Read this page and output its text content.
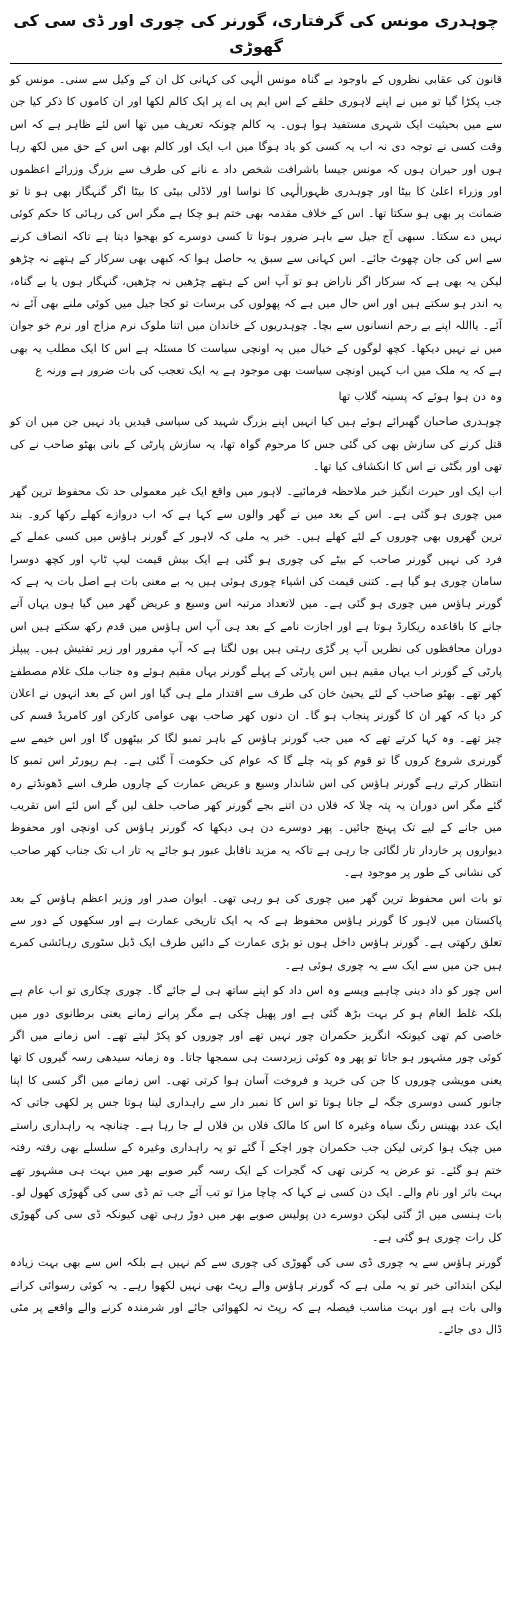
چوہدری مونس کی گرفتاری، گورنر کی چوری اور ڈی سی کی گھوڑی

قانون کی عقابی نظروں کے باوجود بے گناہ مونس الٰہی کی کہانی کل ان کے وکیل سے سنی۔ مونس کو جب پکڑا گیا تو میں نے اپنے لاہوری حلقے کے اس ایم پی اے پر ایک کالم لکھا اور ان کاموں کا ذکر کیا جن سے میں بحیثیت ایک شہری مستفید ہوا ہوں۔ یہ کالم چونکہ تعریف میں تھا اس لئے ظاہر ہے کہ اس وقت کسی نے توجہ دی نہ اب یہ کسی کو یاد ہوگا میں اب ایک اور کالم بھی اس کے حق میں لکھ رہا ہوں اور حیران ہوں کہ مونس جیسا باشرافت شخص داد ے نانے کی طرف سے بزرگ وزرائے اعظموں اور وزراء اعلیٰ کا بیٹا اور چوہدری ظہورالٰہی کا نواسا اور لاڈلی بیٹی کا بیٹا اگر گنہگار بھی ہو تا تو ضمانت پر بھی ہو سکتا تھا۔ اس کے خلاف مقدمہ بھی ختم ہو چکا ہے مگر اس کی رہائی کا حکم کوئی نہیں دے سکتا۔ سبھی آج جیل سے باہر ضرور ہوتا تا کسی دوسرے کو بھجوا دیتا ہے تاکہ انصاف کرنے سے اس کی جان چھوٹ جائے۔ اس کہانی سے سبق یہ حاصل ہوا کہ کبھی بھی سرکار کے ہتھے نہ چڑھو لیکن یہ بھی ہے کہ سرکار اگر ناراض ہو تو آپ اس کے ہتھے چڑھیں نہ چڑھیں، گنہگار ہوں یا بے گناہ، یہ اندر ہو سکتے ہیں اور اس حال میں ہے کہ پھولوں کی برسات تو کجا جیل میں کوئی ملنے بھی آئے نہ آئے۔ یااللہ اپنے بے رحم انسانوں سے بچا۔ چوہدریوں کے خاندان میں اتنا ملوک نرم مزاج اور نرم خو جوان میں نے نہیں دیکھا۔ کچھ لوگوں کے خیال میں یہ اونچی سیاست کا مسئلہ ہے اس کا ایک مطلب یہ بھی ہے کہ یہ ملک میں اب کہیں اونچی سیاست بھی موجود ہے یہ ایک تعجب کی بات ضرور ہے ورنہ ع

وہ دن ہوا ہوئے کہ پسینہ گلاب تھا

چوہدری صاحبان گھبرائے ہوئے ہیں کیا انہیں اپنے بزرگ شہید کی سیاسی قیدیں یاد نہیں جن میں ان کو قتل کرنے کی سازش بھی کی گئی جس کا مرحوم گواہ تھا، یہ سازش پارٹی کے بانی بھٹو صاحب نے کی تھی اور بگٹی نے اس کا انکشاف کیا تھا۔

اب ایک اور حیرت انگیز خبر ملاحظہ فرمائیے۔ لاہور میں واقع ایک غیر معمولی حد تک محفوظ ترین گھر میں چوری ہو گئی ہے۔ اس کے بعد میں نے گھر والوں سے کہا ہے کہ اب دروازے کھلے رکھا کرو۔ بند ترین گھروں بھی چوروں کے لئے کھلے ہیں۔ خبر یہ ملی کہ لاہور کے گورنر ہاؤس میں کسی عملے کے فرد کی نہیں گورنر صاحب کے بیٹے کی چوری ہو گئی ہے ایک بیش قیمت لیپ ٹاپ اور کچھ دوسرا سامان چوری ہو گیا ہے۔ کتنی قیمت کی اشیاء چوری ہوئی ہیں یہ بے معنی بات ہے اصل بات یہ ہے کہ گورنر ہاؤس میں چوری ہو گئی ہے۔ میں لاتعداد مرتبہ اس وسیع و عریض گھر میں گیا ہوں یہاں آنے جانے کا باقاعدہ ریکارڈ ہوتا ہے اور اجازت نامے کے بعد ہی آپ اس ہاؤس میں قدم رکھ سکتے ہیں اس دوران محافظوں کی نظریں آپ پر گڑی رہتی ہیں یوں لگتا ہے کہ آپ مفرور اور زیر تفتیش ہیں۔ پیپلز پارٹی کے گورنر اب یہاں مقیم ہیں اس پارٹی کے پہلے گورنر یہاں مقیم ہوئے وہ جناب ملک غلام مصطفےٰ کھر تھے۔ بھٹو صاحب کے لئے یحییٰ خان کی طرف سے اقتدار ملے ہی گیا اور اس کے بعد انہوں نے اعلان کر دیا کہ کھر ان کا گورنر پنجاب ہو گا۔ ان دنوں کھر صاحب بھی عوامی کارکن اور کامریڈ قسم کی چیز تھے۔ وہ کہا کرتے تھے کہ میں جب گورنر ہاؤس کے باہر تمبو لگا کر بیٹھوں گا اور اس خیمے سے گورنری شروع کروں گا تو قوم کو پتہ چلے گا کہ عوام کی حکومت آ گئی ہے۔ ہم رپورٹر اس تمبو کا انتظار کرتے رہے گورنر ہاؤس کی اس شاندار وسیع و عریض عمارت کے چاروں طرف اسے ڈھونڈتے رہ گئے مگر اس دوران یہ پتہ چلا کہ فلاں دن اتنے بجے گورنر کھر صاحب حلف لیں گے اس لئے اس تقریب میں جانے کے لیے تک پہنچ جائیں۔ پھر دوسرے دن ہی دیکھا کہ گورنر ہاؤس کی اونچی اور محفوظ دیواروں پر خاردار تار لگائی جا رہی ہے تاکہ یہ مزید ناقابل عبور ہو جائے یہ تار اب تک جناب کھر صاحب کی نشانی کے طور پر موجود ہے۔

تو بات اس محفوظ ترین گھر میں چوری کی ہو رہی تھی۔ ایوان صدر اور وزیر اعظم ہاؤس کے بعد پاکستان میں لاہور کا گورنر ہاؤس محفوظ ہے کہ یہ ایک تاریخی عمارت ہے اور سکھوں کے دور سے تعلق رکھتی ہے۔ گورنر ہاؤس داخل ہوں تو بڑی عمارت کے دائیں طرف ایک ڈبل سٹوری رہائشی کمرے ہیں جن میں سے ایک سے یہ چوری ہوئی ہے۔

اس چور کو داد دینی چاہیے ویسے وہ اس داد کو اپنے ساتھ ہی لے جائے گا۔ چوری چکاری تو اب عام ہے بلکہ غلط العام ہو کر بہت بڑھ گئی ہے اور پھیل چکی ہے مگر پرانے زمانے یعنی برطانوی دور میں خاصی کم تھی کیونکہ انگریز حکمران چور نہیں تھے اور چوروں کو پکڑ لیتے تھے۔ اس زمانے میں اگر کوئی چور مشہور ہو جاتا تو پھر وہ کوئی زبردست ہی سمجھا جاتا۔ وہ زمانہ سیدھی رسہ گیروں کا تھا یعنی مویشی چوروں کا جن کی خرید و فروخت آسان ہوا کرتی تھی۔ اس زمانے میں اگر کسی کا اپنا جانور کسی دوسری جگہ لے جانا ہوتا تو اس کا نمبر دار سے راہداری لینا ہوتا جس پر لکھی جاتی کہ ایک عدد بھینس رنگ سیاہ وغیرہ کا اس کا مالک فلاں بن فلاں لے جا رہا ہے۔ چنانچہ یہ راہداری راستے میں چیک ہوا کرتی لیکن جب حکمران چور اچکے آ گئے تو یہ راہداری وغیرہ کے سلسلے بھی رفتہ رفتہ ختم ہو گئے۔ تو عرض یہ کرنی تھی کہ گجرات کے ایک رسہ گیر صوبے بھر میں بہت ہی مشہور تھے بہت باثر اور نام والے۔ ایک دن کسی نے کہا کہ چاچا مزا تو تب آئے جب تم ڈی سی کی گھوڑی کھول لو۔ بات ہنسی میں اڑ گئی لیکن دوسرے دن پولیس صوبے بھر میں دوڑ رہی تھی کیونکہ ڈی سی کی گھوڑی کل رات چوری ہو گئی ہے۔

گورنر ہاؤس سے یہ چوری ڈی سی کی گھوڑی کی چوری سے کم نہیں ہے بلکہ اس سے بھی بہت زیادہ لیکن ابتدائی خبر تو یہ ملی ہے کہ گورنر ہاؤس والے رپٹ بھی نہیں لکھوا رہے۔ یہ کوئی رسوائی کرانے والی بات ہے اور بہت مناسب فیصلہ ہے کہ رپٹ نہ لکھوائی جائے اور شرمندہ کرنے والے واقعے پر مٹی ڈال دی جائے۔
